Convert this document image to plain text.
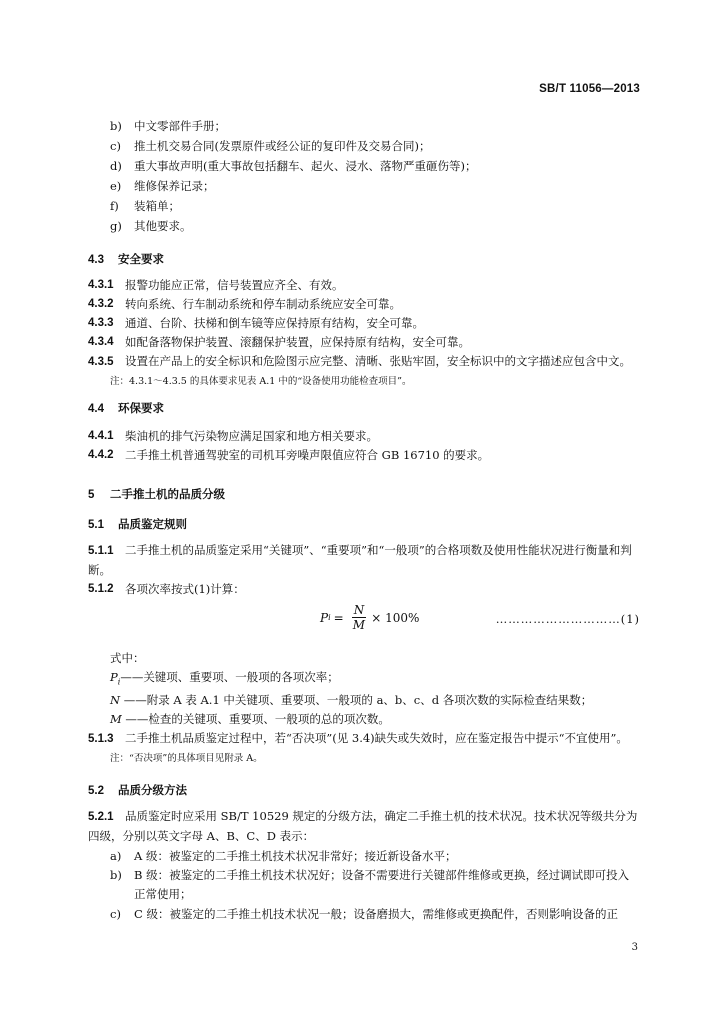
SB/T 11056—2013
b)	中文零部件手册；
c)	推土机交易合同(发票原件或经公证的复印件及交易合同)；
d)	重大事故声明(重大事故包括翻车、起火、浸水、落物严重砸伤等)；
e)	维修保养记录；
f)	装箱单；
g)	其他要求。
4.3	安全要求
4.3.1 报警功能应正常，信号装置应齐全、有效。
4.3.2 转向系统、行车制动系统和停车制动系统应安全可靠。
4.3.3 通道、台阶、扶梯和倒车镜等应保持原有结构，安全可靠。
4.3.4 如配备落物保护装置、滚翻保护装置，应保持原有结构，安全可靠。
4.3.5 设置在产品上的安全标识和危险图示应完整、清晰、张贴牢固，安全标识中的文字描述应包含中文。
注：4.3.1～4.3.5 的具体要求见表 A.1 中的“设备使用功能检查项目”。
4.4	环保要求
4.4.1 柴油机的排气污染物应满足国家和地方相关要求。
4.4.2 二手推土机普通驾驶室的司机耳旁噪声限值应符合 GB 16710 的要求。
5	二手推土机的品质分级
5.1	品质鉴定规则
5.1.1 二手推土机的品质鉴定采用“关键项”、“重要项”和“一般项”的合格项数及使用性能状况进行衡量和判断。
5.1.2 各项次率按式(1)计算：
P $i = \frac{N}{M} \times 100\%$	…………………………(1)
式中：
$P_i——$关键项、重要项、一般项的各项次率；
N ——附录 A 表 A.1 中关键项、重要项、一般项的 a、b、c、d 各项次数的实际检查结果数；
M ——检查的关键项、重要项、一般项的总的项次数。
5.1.3 二手推土机品质鉴定过程中，若“否决项”(见 3.4)缺失或失效时，应在鉴定报告中提示“不宜使用”。
注：“否决项”的具体项目见附录 A。
5.2	品质分级方法
5.2.1 品质鉴定时应采用 SB/T 10529 规定的分级方法，确定二手推土机的技术状况。技术状况等级共分为四级，分别以英文字母 A、B、C、D 表示：
a)	A 级：被鉴定的二手推土机技术状况非常好；接近新设备水平；
b)	B 级：被鉴定的二手推土机技术状况好；设备不需要进行关键部件维修或更换，经过调试即可投入正常使用；
c)	C 级：被鉴定的二手推土机技术状况一般；设备磨损大，需维修或更换配件，否则影响设备的正
3
